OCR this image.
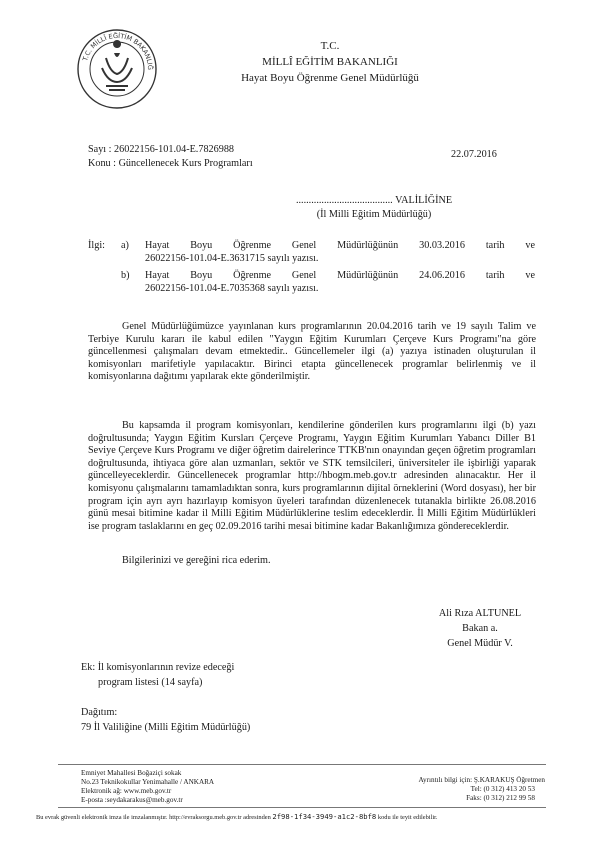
T.C. MİLLÎ EĞİTİM BAKANLIĞ
T.C.
MİLLÎ EĞİTİM BAKANLIĞI
Hayat Boyu Öğrenme Genel Müdürlüğü
Sayı : 26022156-101.04-E.7826988
Konu : Güncellenecek Kurs Programları
22.07.2016
...................................... VALİLİĞİNE
(İl Milli Eğitim Müdürlüğü)
İlgi: a) Hayat Boyu Öğrenme Genel Müdürlüğünün 30.03.2016 tarih ve
26022156-101.04-E.3631715 sayılı yazısı.
b) Hayat Boyu Öğrenme Genel Müdürlüğünün 24.06.2016 tarih ve
26022156-101.04-E.7035368 sayılı yazısı.
Genel Müdürlüğümüzce yayınlanan kurs programlarının 20.04.2016 tarih ve 19 sayılı Talim ve Terbiye Kurulu kararı ile kabul edilen "Yaygın Eğitim Kurumları Çerçeve Kurs Programı"na göre güncellenmesi çalışmaları devam etmektedir.. Güncellemeler ilgi (a) yazıya istinaden oluşturulan il komisyonları marifetiyle yapılacaktır. Birinci etapta güncellenecek programlar belirlenmiş ve il komisyonlarına dağıtımı yapılarak ekte gönderilmiştir.
Bu kapsamda il program komisyonları, kendilerine gönderilen kurs programlarını ilgi (b) yazı doğrultusunda; Yaygın Eğitim Kursları Çerçeve Programı, Yaygın Eğitim Kurumları Yabancı Diller B1 Seviye Çerçeve Kurs Programı ve diğer öğretim dairelerince TTKB'nın onayından geçen öğretim programları doğrultusunda, ihtiyaca göre alan uzmanları, sektör ve STK temsilcileri, üniversiteler ile işbirliği yaparak güncelleyeceklerdir. Güncellenecek programlar http://hbogm.meb.gov.tr adresinden alınacaktır. Her il komisyonu çalışmalarını tamamladıktan sonra, kurs programlarının dijital örneklerini (Word dosyası), her bir program için ayrı ayrı hazırlayıp komisyon üyeleri tarafından düzenlenecek tutanakla birlikte 26.08.2016 günü mesai bitimine kadar il Milli Eğitim Müdürlüklerine teslim edeceklerdir. İl Milli Eğitim Müdürlükleri ise program taslaklarını en geç 02.09.2016 tarihi mesai bitimine kadar Bakanlığımıza göndereceklerdir.
Bilgilerinizi ve gereğini rica ederim.
Ali Rıza ALTUNEL
Bakan a.
Genel Müdür V.
Ek: İl komisyonlarının revize edeceği
program listesi (14 sayfa)
Dağıtım:
79 İl Valiliğine (Milli Eğitim Müdürlüğü)
Emniyet Mahallesi Boğaziçi sokak
No.23 Teknikokullar Yenimahalle / ANKARA
Elektronik ağ: www.meb.gov.tr
E-posta :seydakarakus@meb.gov.tr
Ayrıntılı bilgi için: Ş.KARAKUŞ Öğretmen
Tel: (0 312) 413 20 53
Faks: (0 312) 212 99 58
Bu evrak güvenli elektronik imza ile imzalanmıştır. http://evraksorgu.meb.gov.tr adresinden 2f98-1f34-3949-a1c2-8bf8 kodu ile teyit edilebilir.
